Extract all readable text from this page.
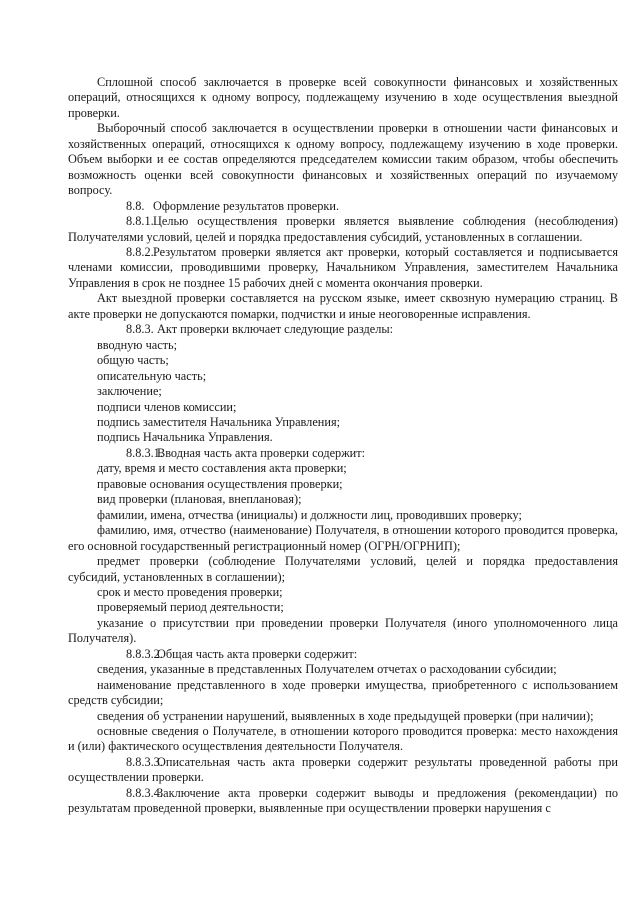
Сплошной способ заключается в проверке всей совокупности финансовых и хозяйственных операций, относящихся к одному вопросу, подлежащему изучению в ходе осуществления выездной проверки.

Выборочный способ заключается в осуществлении проверки в отношении части финансовых и хозяйственных операций, относящихся к одному вопросу, подлежащему изучению в ходе проверки. Объем выборки и ее состав определяются председателем комиссии таким образом, чтобы обеспечить возможность оценки всей совокупности финансовых и хозяйственных операций по изучаемому вопросу.

8.8. Оформление результатов проверки.

8.8.1.Целью осуществления проверки является выявление соблюдения (несоблюдения) Получателями условий, целей и порядка предоставления субсидий, установленных в соглашении.

8.8.2.Результатом проверки является акт проверки, который составляется и подписывается членами комиссии, проводившими проверку, Начальником Управления, заместителем Начальника Управления в срок не позднее 15 рабочих дней с момента окончания проверки.

Акт выездной проверки составляется на русском языке, имеет сквозную нумерацию страниц. В акте проверки не допускаются помарки, подчистки и иные неоговоренные исправления.

8.8.3. Акт проверки включает следующие разделы:

вводную часть;

общую часть;

описательную часть;

заключение;

подписи членов комиссии;

подпись заместителя Начальника Управления;

подпись Начальника Управления.

8.8.3.1.Вводная часть акта проверки содержит:

дату, время и место составления акта проверки;

правовые основания осуществления проверки;

вид проверки (плановая, внеплановая);

фамилии, имена, отчества (инициалы) и должности лиц, проводивших проверку;

фамилию, имя, отчество (наименование) Получателя, в отношении которого проводится проверка, его основной государственный регистрационный номер (ОГРН/ОГРНИП);

предмет проверки (соблюдение Получателями условий, целей и порядка предоставления субсидий, установленных в соглашении);

срок и место проведения проверки;

проверяемый период деятельности;

указание о присутствии при проведении проверки Получателя (иного уполномоченного лица Получателя).

8.8.3.2.Общая часть акта проверки содержит:

сведения, указанные в представленных Получателем отчетах о расходовании субсидии;

наименование представленного в ходе проверки имущества, приобретенного с использованием средств субсидии;

сведения об устранении нарушений, выявленных в ходе предыдущей проверки (при наличии);

основные сведения о Получателе, в отношении которого проводится проверка: место нахождения и (или) фактического осуществления деятельности Получателя.

8.8.3.3.Описательная часть акта проверки содержит результаты проведенной работы при осуществлении проверки.

8.8.3.4.Заключение акта проверки содержит выводы и предложения (рекомендации) по результатам проведенной проверки, выявленные при осуществлении проверки нарушения с
